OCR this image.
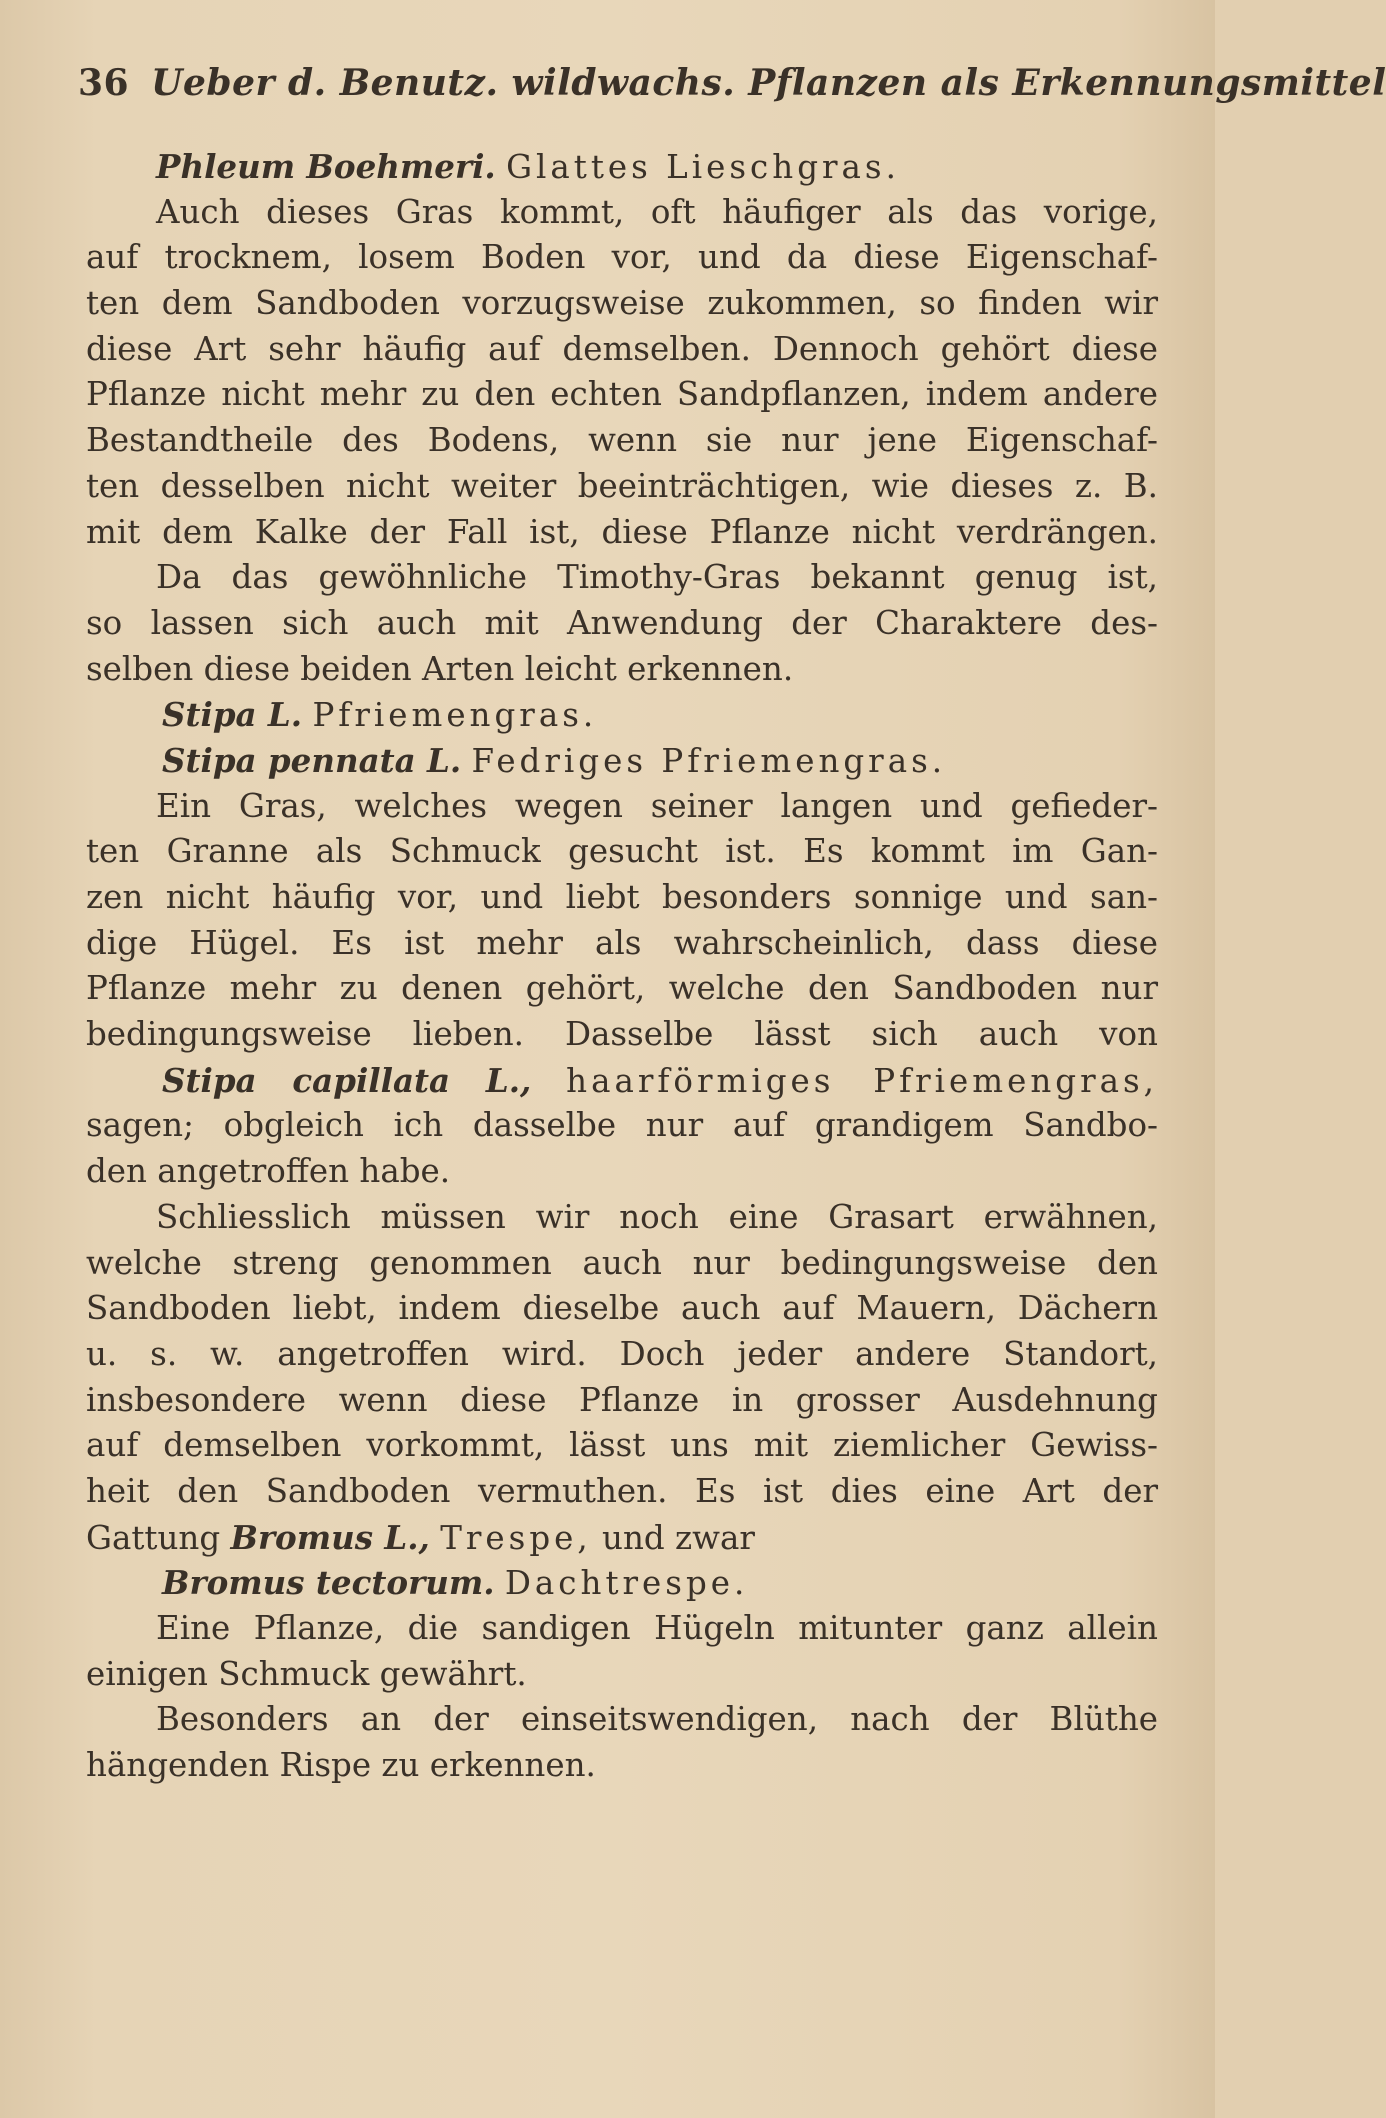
36 Ueber d. Benutz. wildwachs. Pflanzen als Erkennungsmittel
Phleum Boehmeri. Glattes Lieschgras.
Auch dieses Gras kommt, oft häufiger als das vorige,
auf trocknem, losem Boden vor, und da diese Eigenschaf-
ten dem Sandboden vorzugsweise zukommen, so finden wir
diese Art sehr häufig auf demselben. Dennoch gehört diese
Pflanze nicht mehr zu den echten Sandpflanzen, indem andere
Bestandtheile des Bodens, wenn sie nur jene Eigenschaf-
ten desselben nicht weiter beeinträchtigen, wie dieses z. B.
mit dem Kalke der Fall ist, diese Pflanze nicht verdrängen.
Da das gewöhnliche Timothy-Gras bekannt genug ist,
so lassen sich auch mit Anwendung der Charaktere des-
selben diese beiden Arten leicht erkennen.
Stipa L. Pfriemengras.
Stipa pennata L. Fedriges Pfriemengras.
Ein Gras, welches wegen seiner langen und gefieder-
ten Granne als Schmuck gesucht ist. Es kommt im Gan-
zen nicht häufig vor, und liebt besonders sonnige und san-
dige Hügel. Es ist mehr als wahrscheinlich, dass diese
Pflanze mehr zu denen gehört, welche den Sandboden nur
bedingungsweise lieben. Dasselbe lässt sich auch von
Stipa capillata L., haarförmiges Pfriemengras,
sagen; obgleich ich dasselbe nur auf grandigem Sandbo-
den angetroffen habe.
Schliesslich müssen wir noch eine Grasart erwähnen,
welche streng genommen auch nur bedingungsweise den
Sandboden liebt, indem dieselbe auch auf Mauern, Dächern
u. s. w. angetroffen wird. Doch jeder andere Standort,
insbesondere wenn diese Pflanze in grosser Ausdehnung
auf demselben vorkommt, lässt uns mit ziemlicher Gewiss-
heit den Sandboden vermuthen. Es ist dies eine Art der
Gattung Bromus L., Trespe, und zwar
Bromus tectorum. Dachtrespe.
Eine Pflanze, die sandigen Hügeln mitunter ganz allein
einigen Schmuck gewährt.
Besonders an der einseitswendigen, nach der Blüthe
hängenden Rispe zu erkennen.
